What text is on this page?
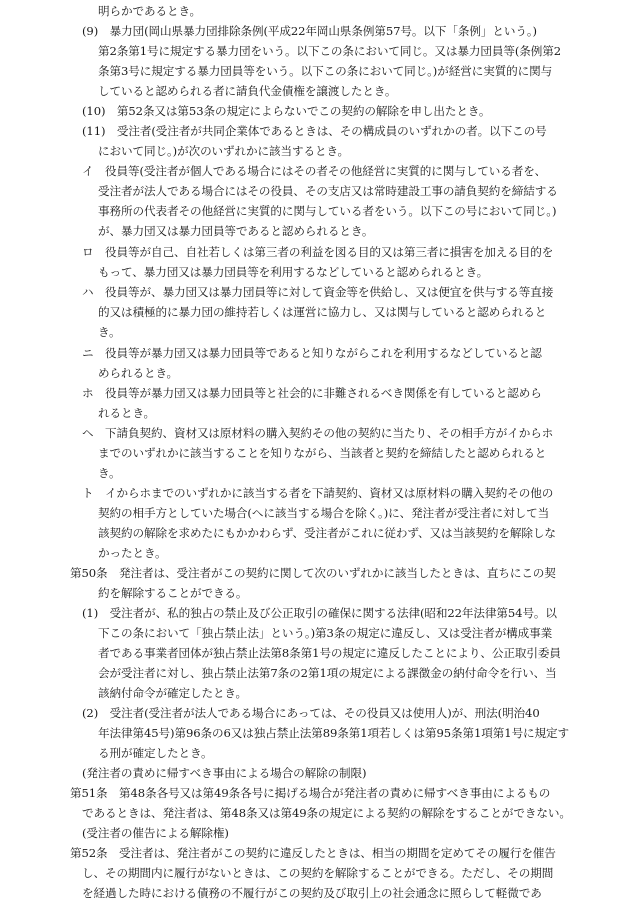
明らかであるとき。
(9)　暴力団(岡山県暴力団排除条例(平成22年岡山県条例第57号。以下「条例」という。)
第2条第1号に規定する暴力団をいう。以下この条において同じ。又は暴力団員等(条例第2
条第3号に規定する暴力団員等をいう。以下この条において同じ。)が経営に実質的に関与
していると認められる者に請負代金債権を譲渡したとき。
(10)　第52条又は第53条の規定によらないでこの契約の解除を申し出たとき。
(11)　受注者(受注者が共同企業体であるときは、その構成員のいずれかの者。以下この号
において同じ。)が次のいずれかに該当するとき。
イ　役員等(受注者が個人である場合にはその者その他経営に実質的に関与している者を、
受注者が法人である場合にはその役員、その支店又は常時建設工事の請負契約を締結する
事務所の代表者その他経営に実質的に関与している者をいう。以下この号において同じ。)
が、暴力団又は暴力団員等であると認められるとき。
ロ　役員等が自己、自社若しくは第三者の利益を図る目的又は第三者に損害を加える目的を
もって、暴力団又は暴力団員等を利用するなどしていると認められるとき。
ハ　役員等が、暴力団又は暴力団員等に対して資金等を供給し、又は便宜を供与する等直接
的又は積極的に暴力団の維持若しくは運営に協力し、又は関与していると認められると
き。
ニ　役員等が暴力団又は暴力団員等であると知りながらこれを利用するなどしていると認
められるとき。
ホ　役員等が暴力団又は暴力団員等と社会的に非難されるべき関係を有していると認めら
れるとき。
ヘ　下請負契約、資材又は原材料の購入契約その他の契約に当たり、その相手方がイからホ
までのいずれかに該当することを知りながら、当該者と契約を締結したと認められると
き。
ト　イからホまでのいずれかに該当する者を下請契約、資材又は原材料の購入契約その他の
契約の相手方としていた場合(へに該当する場合を除く。)に、発注者が受注者に対して当
該契約の解除を求めたにもかかわらず、受注者がこれに従わず、又は当該契約を解除しな
かったとき。
第50条　発注者は、受注者がこの契約に関して次のいずれかに該当したときは、直ちにこの契
約を解除することができる。
(1)　受注者が、私的独占の禁止及び公正取引の確保に関する法律(昭和22年法律第54号。以
下この条において「独占禁止法」という。)第3条の規定に違反し、又は受注者が構成事業
者である事業者団体が独占禁止法第8条第1号の規定に違反したことにより、公正取引委員
会が受注者に対し、独占禁止法第7条の2第1項の規定による課徴金の納付命令を行い、当
該納付命令が確定したとき。
(2)　受注者(受注者が法人である場合にあっては、その役員又は使用人)が、刑法(明治40
年法律第45号)第96条の6又は独占禁止法第89条第1項若しくは第95条第1項第1号に規定す
る刑が確定したとき。
(発注者の責めに帰すべき事由による場合の解除の制限)
第51条　第48条各号又は第49条各号に掲げる場合が発注者の責めに帰すべき事由によるもの
であるときは、発注者は、第48条又は第49条の規定による契約の解除をすることができない。
(受注者の催告による解除権)
第52条　受注者は、発注者がこの契約に違反したときは、相当の期間を定めてその履行を催告
し、その期間内に履行がないときは、この契約を解除することができる。ただし、その期間
を経過した時における債務の不履行がこの契約及び取引上の社会通念に照らして軽微であ
